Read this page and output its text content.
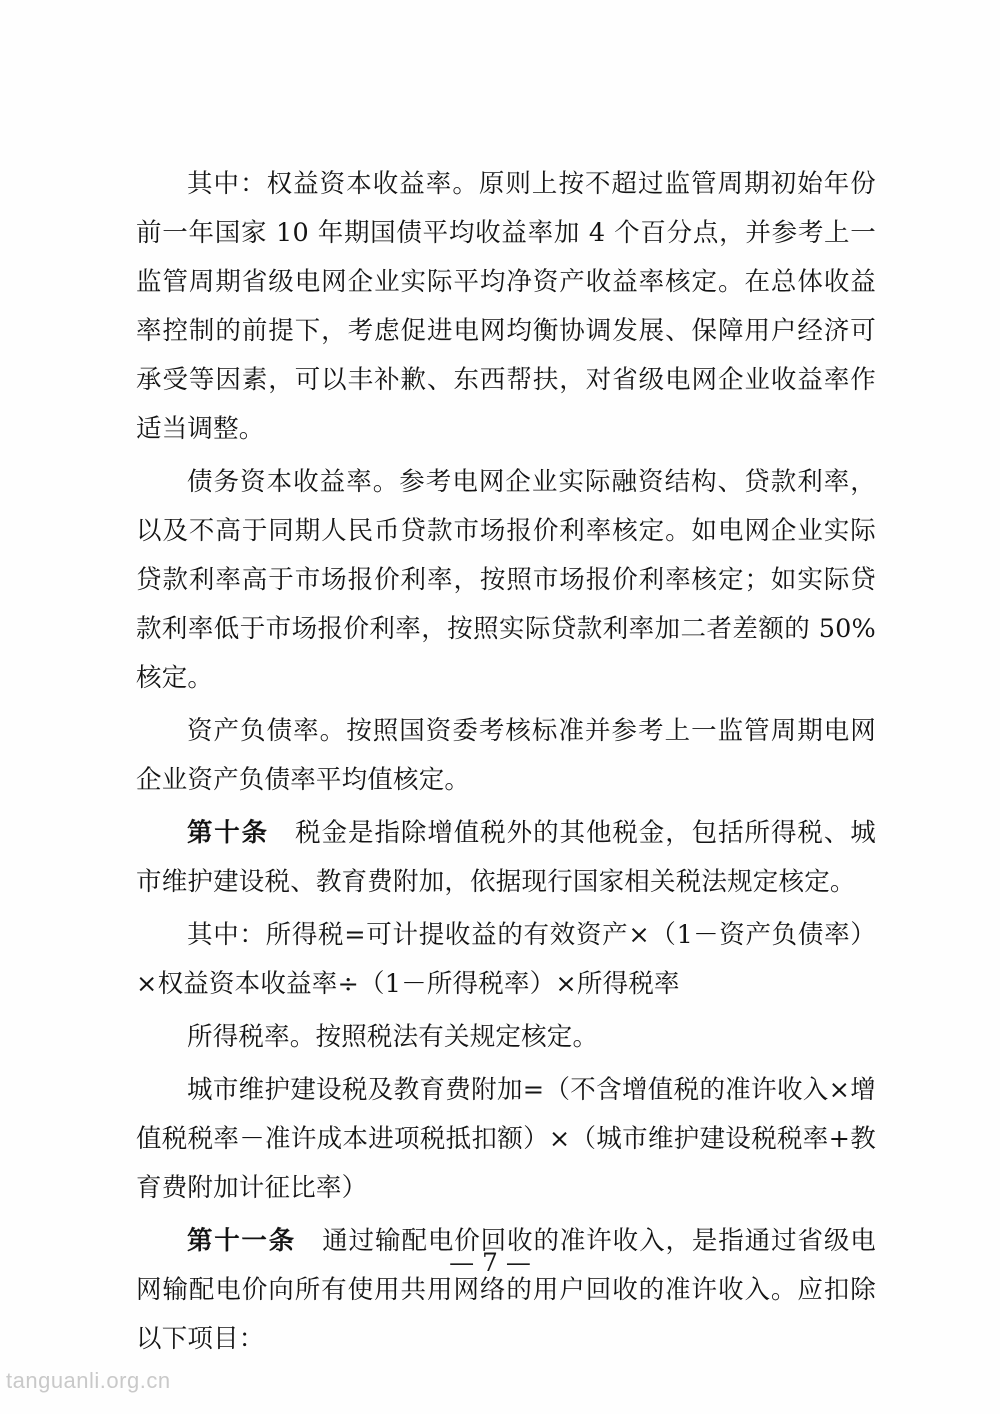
其中：权益资本收益率。原则上按不超过监管周期初始年份前一年国家 10 年期国债平均收益率加 4 个百分点，并参考上一监管周期省级电网企业实际平均净资产收益率核定。在总体收益率控制的前提下，考虑促进电网均衡协调发展、保障用户经济可承受等因素，可以丰补歉、东西帮扶，对省级电网企业收益率作适当调整。

债务资本收益率。参考电网企业实际融资结构、贷款利率，以及不高于同期人民币贷款市场报价利率核定。如电网企业实际贷款利率高于市场报价利率，按照市场报价利率核定；如实际贷款利率低于市场报价利率，按照实际贷款利率加二者差额的 50%核定。

资产负债率。按照国资委考核标准并参考上一监管周期电网企业资产负债率平均值核定。

第十条　税金是指除增值税外的其他税金，包括所得税、城市维护建设税、教育费附加，依据现行国家相关税法规定核定。

其中：所得税=可计提收益的有效资产×（1－资产负债率）×权益资本收益率÷（1－所得税率）×所得税率

所得税率。按照税法有关规定核定。

城市维护建设税及教育费附加=（不含增值税的准许收入×增值税税率－准许成本进项税抵扣额）×（城市维护建设税税率+教育费附加计征比率）

第十一条　通过输配电价回收的准许收入，是指通过省级电网输配电价向所有使用共用网络的用户回收的准许收入。应扣除以下项目：

— 7 —
tanguanli.org.cn
